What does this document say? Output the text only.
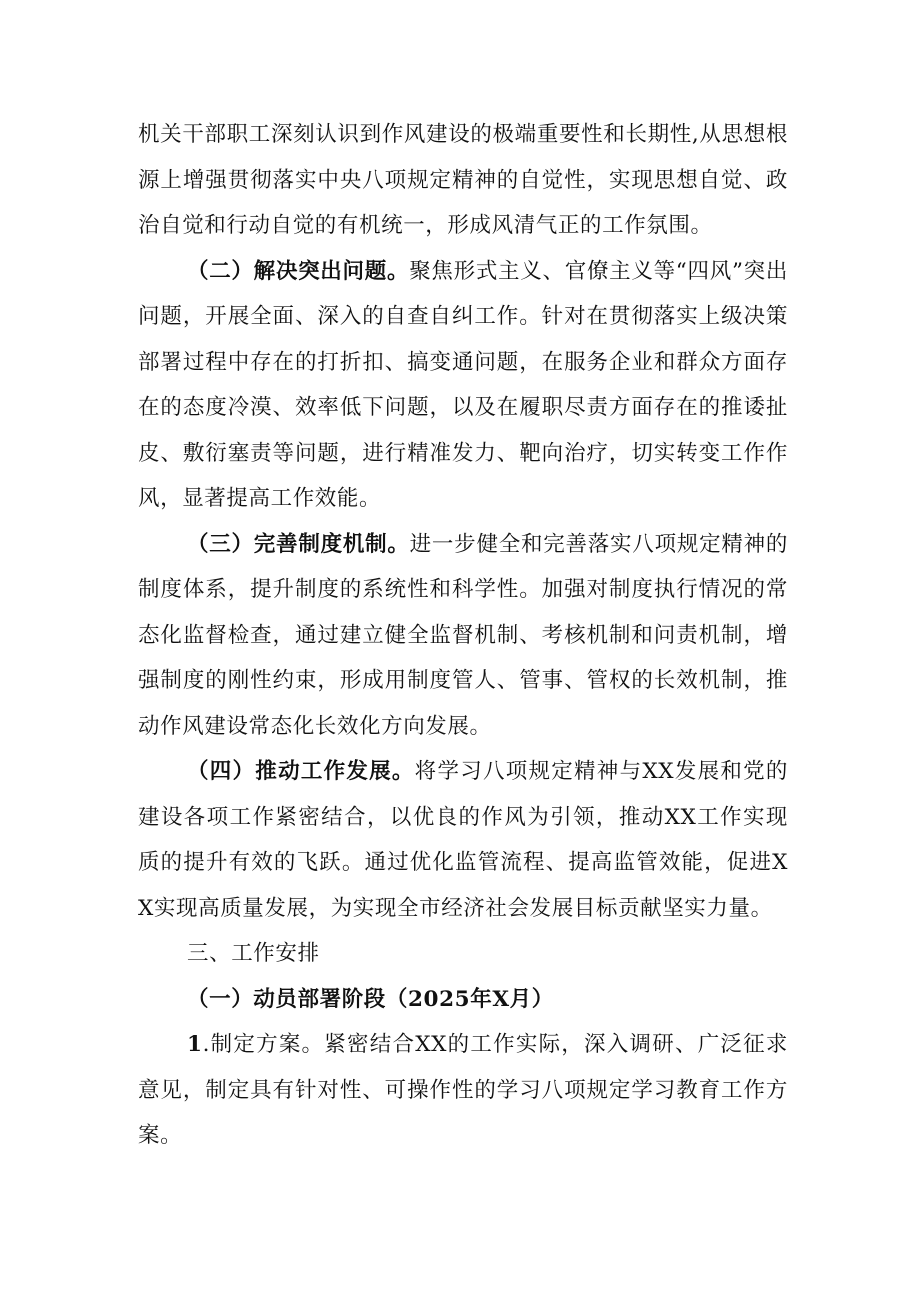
机关干部职工深刻认识到作风建设的极端重要性和长期性,从思想根源上增强贯彻落实中央八项规定精神的自觉性，实现思想自觉、政治自觉和行动自觉的有机统一，形成风清气正的工作氛围。

（二）解决突出问题。聚焦形式主义、官僚主义等“四风”突出问题，开展全面、深入的自查自纠工作。针对在贯彻落实上级决策部署过程中存在的打折扣、搞变通问题，在服务企业和群众方面存在的态度冷漠、效率低下问题，以及在履职尽责方面存在的推诿扯皮、敷衍塞责等问题，进行精准发力、靶向治疗，切实转变工作作风，显著提高工作效能。

（三）完善制度机制。进一步健全和完善落实八项规定精神的制度体系，提升制度的系统性和科学性。加强对制度执行情况的常态化监督检查，通过建立健全监督机制、考核机制和问责机制，增强制度的刚性约束，形成用制度管人、管事、管权的长效机制，推动作风建设常态化长效化方向发展。

（四）推动工作发展。将学习八项规定精神与XX发展和党的建设各项工作紧密结合，以优良的作风为引领，推动XX工作实现质的提升有效的飞跃。通过优化监管流程、提高监管效能，促进XX实现高质量发展，为实现全市经济社会发展目标贡献坚实力量。

三、工作安排

（一）动员部署阶段（2025年X月）

1.制定方案。紧密结合XX的工作实际，深入调研、广泛征求意见，制定具有针对性、可操作性的学习八项规定学习教育工作方案。
